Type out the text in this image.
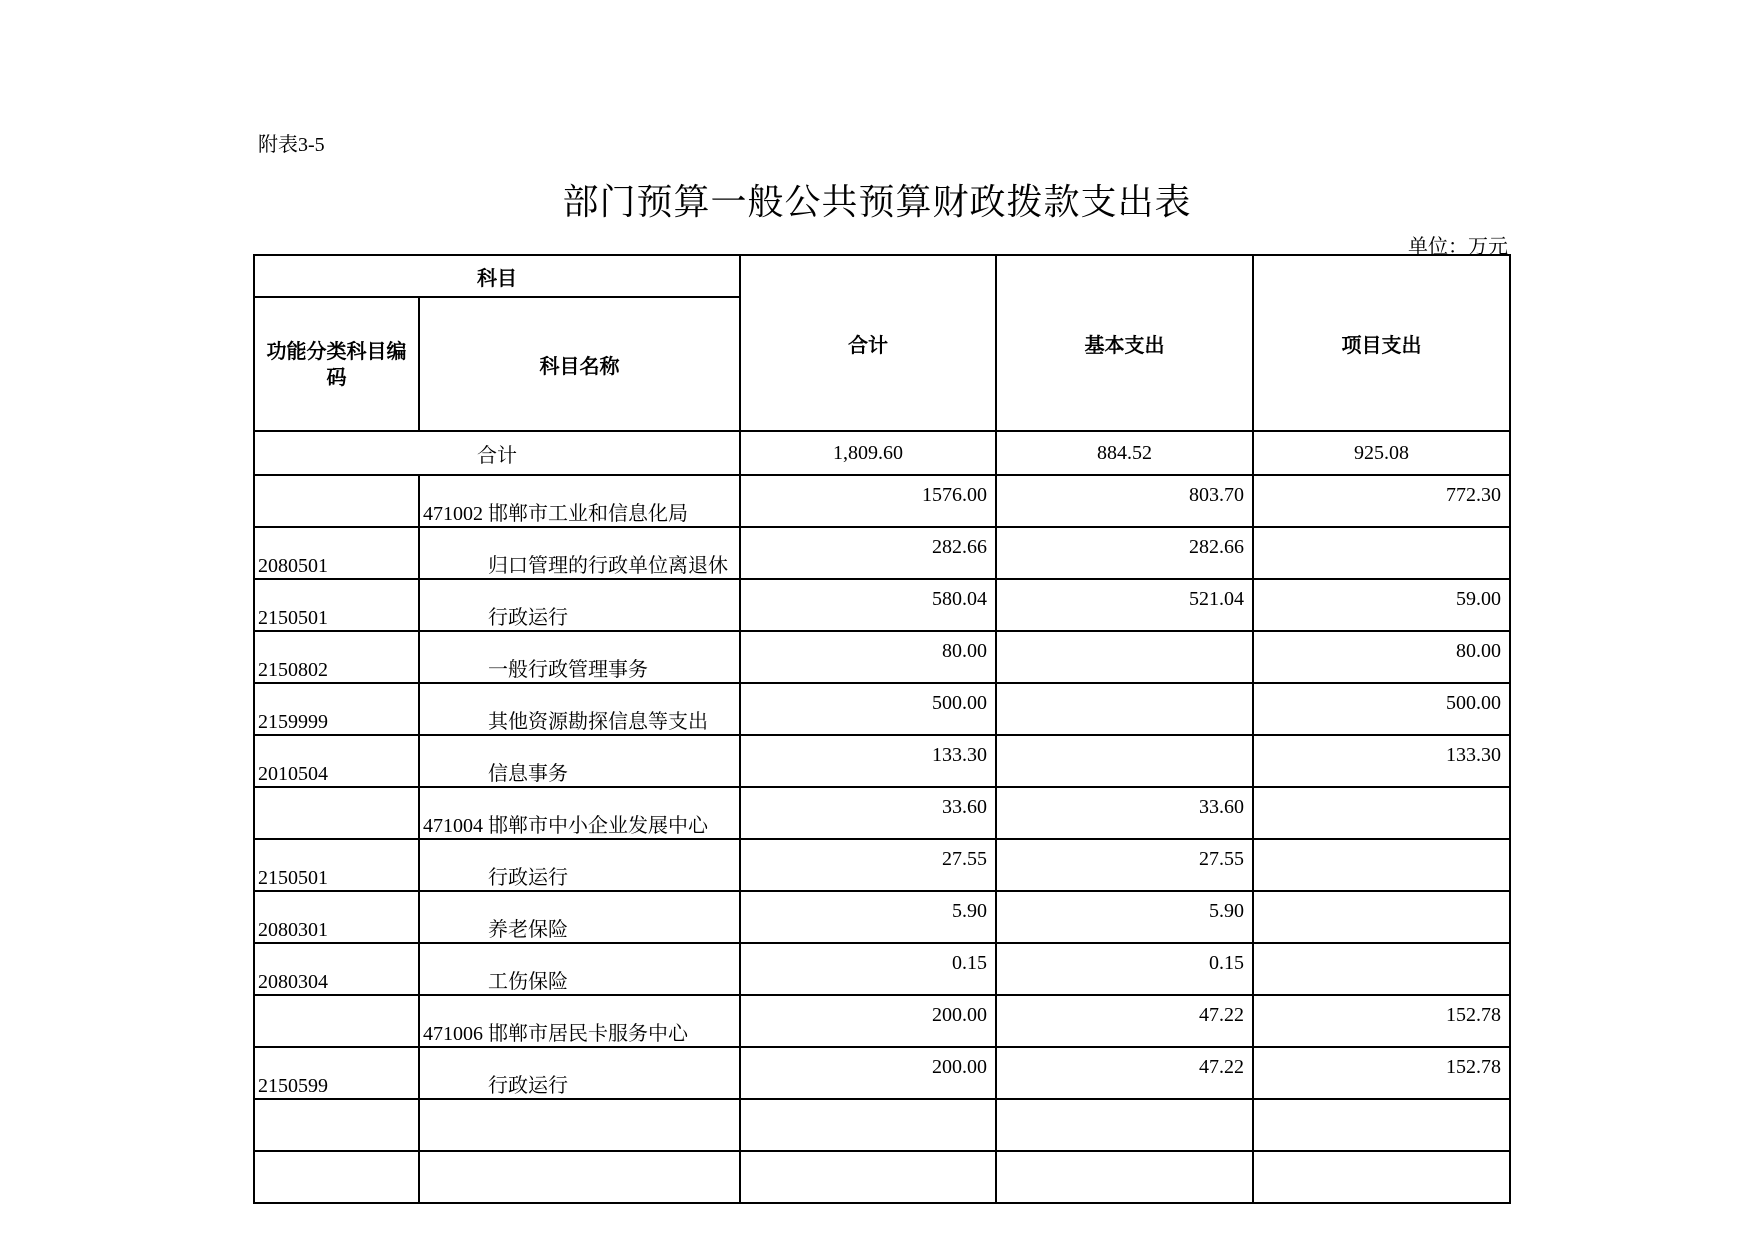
附表3-5
部门预算一般公共预算财政拨款支出表
单位：万元
科目		合计	基本支出	项目支出
功能分类科目编码	科目名称			
合计		1,809.60	884.52	925.08
	471002 邯郸市工业和信息化局	1576.00	803.70	772.30
2080501	归口管理的行政单位离退休	282.66	282.66	
2150501	行政运行	580.04	521.04	59.00
2150802	一般行政管理事务	80.00		80.00
2159999	其他资源勘探信息等支出	500.00		500.00
2010504	信息事务	133.30		133.30
	471004 邯郸市中小企业发展中心	33.60	33.60	
2150501	行政运行	27.55	27.55	
2080301	养老保险	5.90	5.90	
2080304	工伤保险	0.15	0.15	
	471006 邯郸市居民卡服务中心	200.00	47.22	152.78
2150599	行政运行	200.00	47.22	152.78
